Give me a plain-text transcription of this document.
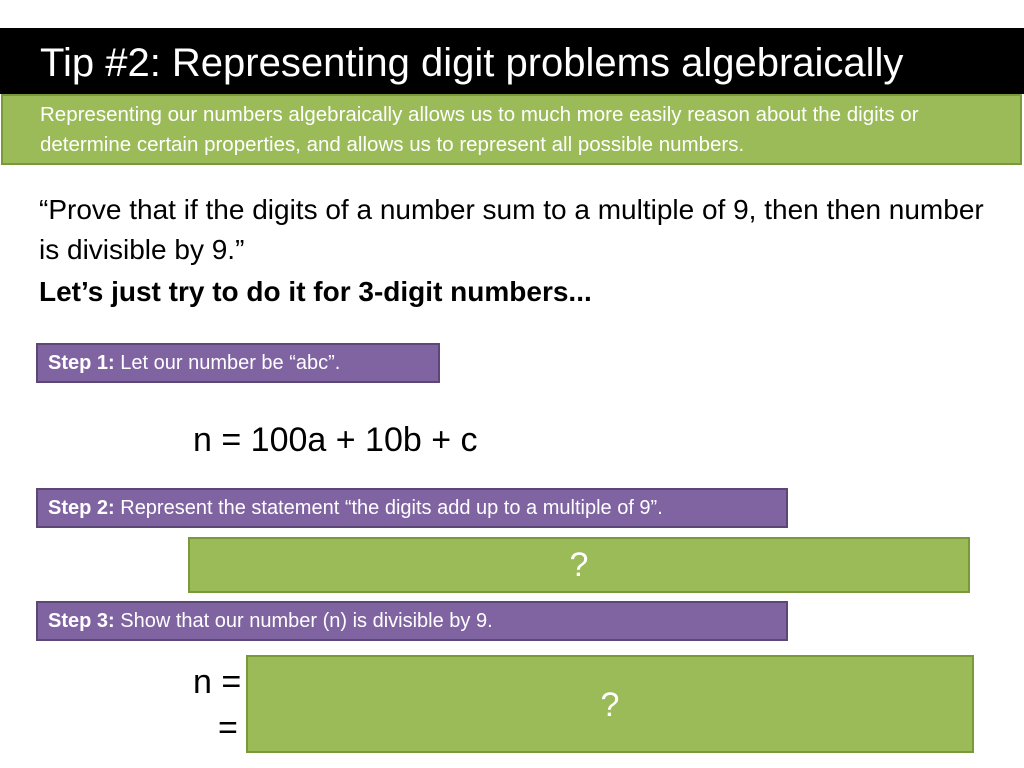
Tip #2: Representing digit problems algebraically
Representing our numbers algebraically allows us to much more easily reason about the digits or determine certain properties, and allows us to represent all possible numbers.
“Prove that if the digits of a number sum to a multiple of 9, then then number is divisible by 9.”
Let’s just try to do it for 3-digit numbers...
Step 1: Let our number be “abc”.
n = 100a + 10b + c
Step 2: Represent the statement “the digits add up to a multiple of 9”.
?
Step 3: Show that our number (n) is divisible by 9.
n =
=
?
